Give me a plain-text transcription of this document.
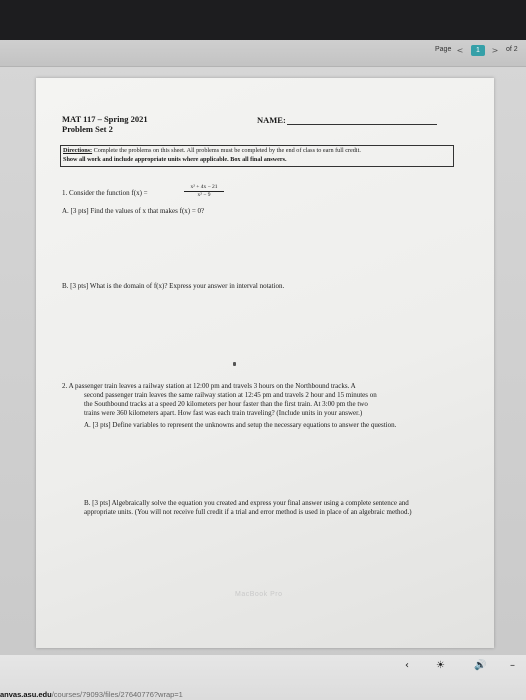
Page <	1	>	of 2
MAT 117 – Spring 2021
Problem Set 2
NAME:
Directions: Complete the problems on this sheet. All problems must be completed by the end of class to earn full credit.
Show all work and include appropriate units where applicable. Box all final answers.
1. Consider the function f(x) =	$\frac{\text{x² + 4x − 21}}{\text{x² − 9}}$
A. [3 pts] Find the values of x that makes f(x) = 0?
B. [3 pts] What is the domain of f(x)? Express your answer in interval notation.
2. A passenger train leaves a railway station at 12:00 pm and travels 3 hours on the Northbound tracks. A
second passenger train leaves the same railway station at 12:45 pm and travels 2 hour and 15 minutes on
the Southbound tracks at a speed 20 kilometers per hour faster than the first train. At 3:00 pm the two
trains were 360 kilometers apart. How fast was each train traveling? (Include units in your answer.)
A. [3 pts] Define variables to represent the unknowns and setup the necessary equations to answer the question.
B. [3 pts] Algebraically solve the equation you created and express your final answer using a complete sentence and
appropriate units. (You will not receive full credit if a trial and error method is used in place of an algebraic method.)
MacBook Pro
anvas.asu.edu/courses/79093/files/27640776?wrap=1
‹	☀	🔊 –
